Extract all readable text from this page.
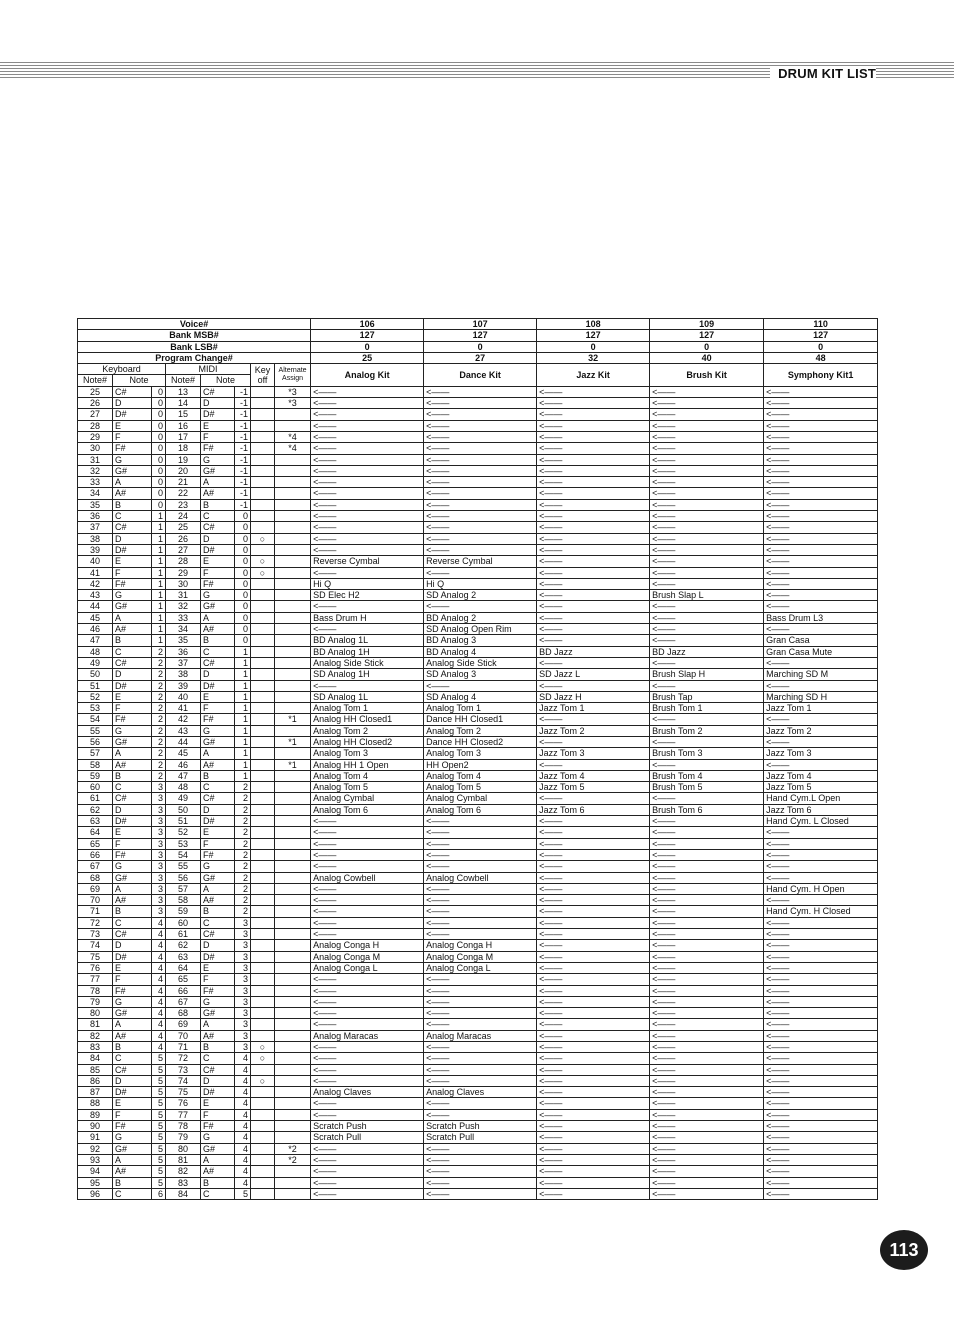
DRUM KIT LIST
Voice#								106	107	108	109	110
Bank MSB#								127	127	127	127	127
Bank LSB#								0	0	0	0	0
Program Change#								25	27	32	40	48
Keyboard			MIDI			Key off	Alternate Assign	Analog Kit	Dance Kit	Jazz Kit	Brush Kit	Symphony Kit1
Note#	Note		Note#	Note								
25	C#	0	13	C#	-1		*3	<——	<——	<——	<——	<——
26	D	0	14	D	-1		*3	<——	<——	<——	<——	<——
27	D#	0	15	D#	-1			<——	<——	<——	<——	<——
28	E	0	16	E	-1			<——	<——	<——	<——	<——
29	F	0	17	F	-1		*4	<——	<——	<——	<——	<——
30	F#	0	18	F#	-1		*4	<——	<——	<——	<——	<——
31	G	0	19	G	-1			<——	<——	<——	<——	<——
32	G#	0	20	G#	-1			<——	<——	<——	<——	<——
33	A	0	21	A	-1			<——	<——	<——	<——	<——
34	A#	0	22	A#	-1			<——	<——	<——	<——	<——
35	B	0	23	B	-1			<——	<——	<——	<——	<——
36	C	1	24	C	0			<——	<——	<——	<——	<——
37	C#	1	25	C#	0			<——	<——	<——	<——	<——
38	D	1	26	D	0	○		<——	<——	<——	<——	<——
39	D#	1	27	D#	0			<——	<——	<——	<——	<——
40	E	1	28	E	0	○		Reverse Cymbal	Reverse Cymbal	<——	<——	<——
41	F	1	29	F	0	○		<——	<——	<——	<——	<——
42	F#	1	30	F#	0			Hi Q	Hi Q	<——	<——	<——
43	G	1	31	G	0			SD Elec H2	SD Analog 2	<——	Brush Slap L	<——
44	G#	1	32	G#	0			<——	<——	<——	<——	<——
45	A	1	33	A	0			Bass Drum H	BD Analog 2	<——	<——	Bass Drum L3
46	A#	1	34	A#	0			<——	SD Analog Open Rim	<——	<——	<——
47	B	1	35	B	0			BD Analog 1L	BD Analog 3	<——	<——	Gran Casa
48	C	2	36	C	1			BD Analog 1H	BD Analog 4	BD Jazz	BD Jazz	Gran Casa Mute
49	C#	2	37	C#	1			Analog Side Stick	Analog Side Stick	<——	<——	<——
50	D	2	38	D	1			SD Analog 1H	SD Analog 3	SD Jazz L	Brush Slap H	Marching SD M
51	D#	2	39	D#	1			<——	<——	<——	<——	<——
52	E	2	40	E	1			SD Analog 1L	SD Analog 4	SD Jazz H	Brush Tap	Marching SD H
53	F	2	41	F	1			Analog Tom 1	Analog Tom 1	Jazz Tom 1	Brush Tom 1	Jazz Tom 1
54	F#	2	42	F#	1		*1	Analog HH Closed1	Dance HH Closed1	<——	<——	<——
55	G	2	43	G	1			Analog Tom 2	Analog Tom 2	Jazz Tom 2	Brush Tom 2	Jazz Tom 2
56	G#	2	44	G#	1		*1	Analog HH Closed2	Dance HH Closed2	<——	<——	<——
57	A	2	45	A	1			Analog Tom 3	Analog Tom 3	Jazz Tom 3	Brush Tom 3	Jazz Tom 3
58	A#	2	46	A#	1		*1	Analog HH 1 Open	HH Open2	<——	<——	<——
59	B	2	47	B	1			Analog Tom 4	Analog Tom 4	Jazz Tom 4	Brush Tom 4	Jazz Tom 4
60	C	3	48	C	2			Analog Tom 5	Analog Tom 5	Jazz Tom 5	Brush Tom 5	Jazz Tom 5
61	C#	3	49	C#	2			Analog Cymbal	Analog Cymbal	<——	<——	Hand Cym.L Open
62	D	3	50	D	2			Analog Tom 6	Analog Tom 6	Jazz Tom 6	Brush Tom 6	Jazz Tom 6
63	D#	3	51	D#	2			<——	<——	<——	<——	Hand Cym. L Closed
64	E	3	52	E	2			<——	<——	<——	<——	<——
65	F	3	53	F	2			<——	<——	<——	<——	<——
66	F#	3	54	F#	2			<——	<——	<——	<——	<——
67	G	3	55	G	2			<——	<——	<——	<——	<——
68	G#	3	56	G#	2			Analog Cowbell	Analog Cowbell	<——	<——	<——
69	A	3	57	A	2			<——	<——	<——	<——	Hand Cym. H Open
70	A#	3	58	A#	2			<——	<——	<——	<——	<——
71	B	3	59	B	2			<——	<——	<——	<——	Hand Cym. H Closed
72	C	4	60	C	3			<——	<——	<——	<——	<——
73	C#	4	61	C#	3			<——	<——	<——	<——	<——
74	D	4	62	D	3			Analog Conga H	Analog Conga H	<——	<——	<——
75	D#	4	63	D#	3			Analog Conga M	Analog Conga M	<——	<——	<——
76	E	4	64	E	3			Analog Conga L	Analog Conga L	<——	<——	<——
77	F	4	65	F	3			<——	<——	<——	<——	<——
78	F#	4	66	F#	3			<——	<——	<——	<——	<——
79	G	4	67	G	3			<——	<——	<——	<——	<——
80	G#	4	68	G#	3			<——	<——	<——	<——	<——
81	A	4	69	A	3			<——	<——	<——	<——	<——
82	A#	4	70	A#	3			Analog Maracas	Analog Maracas	<——	<——	<——
83	B	4	71	B	3	○		<——	<——	<——	<——	<——
84	C	5	72	C	4	○		<——	<——	<——	<——	<——
85	C#	5	73	C#	4			<——	<——	<——	<——	<——
86	D	5	74	D	4	○		<——	<——	<——	<——	<——
87	D#	5	75	D#	4			Analog Claves	Analog Claves	<——	<——	<——
88	E	5	76	E	4			<——	<——	<——	<——	<——
89	F	5	77	F	4			<——	<——	<——	<——	<——
90	F#	5	78	F#	4			Scratch Push	Scratch Push	<——	<——	<——
91	G	5	79	G	4			Scratch Pull	Scratch Pull	<——	<——	<——
92	G#	5	80	G#	4		*2	<——	<——	<——	<——	<——
93	A	5	81	A	4		*2	<——	<——	<——	<——	<——
94	A#	5	82	A#	4			<——	<——	<——	<——	<——
95	B	5	83	B	4			<——	<——	<——	<——	<——
96	C	6	84	C	5			<——	<——	<——	<——	<——
113
